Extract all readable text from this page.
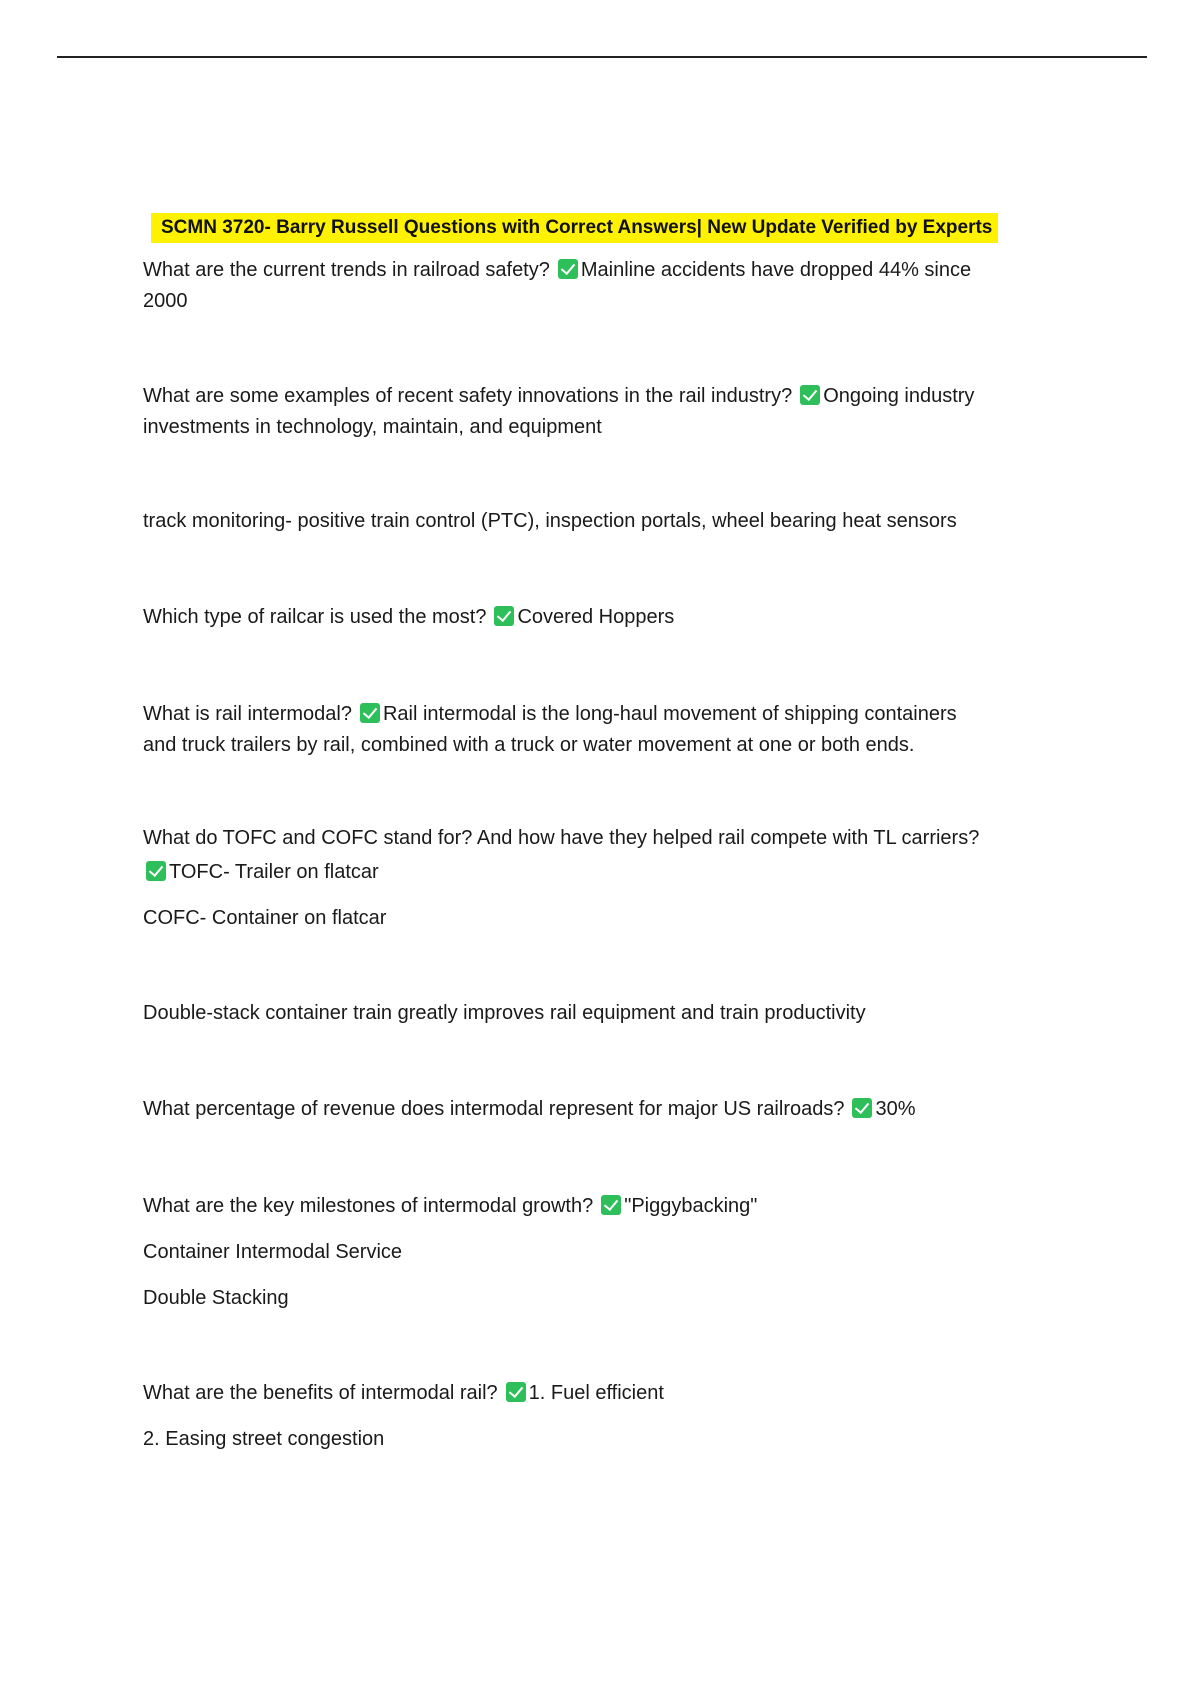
SCMN 3720- Barry Russell Questions with Correct Answers| New Update Verified by Experts

What are the current trends in railroad safety? Mainline accidents have dropped 44% since

2000

What are some examples of recent safety innovations in the rail industry? Ongoing industry

investments in technology, maintain, and equipment

track monitoring- positive train control (PTC), inspection portals, wheel bearing heat sensors

Which type of railcar is used the most? Covered Hoppers

What is rail intermodal? Rail intermodal is the long-haul movement of shipping containers

and truck trailers by rail, combined with a truck or water movement at one or both ends.

What do TOFC and COFC stand for? And how have they helped rail compete with TL carriers?

TOFC- Trailer on flatcar

COFC- Container on flatcar

Double-stack container train greatly improves rail equipment and train productivity

What percentage of revenue does intermodal represent for major US railroads? 30%

What are the key milestones of intermodal growth? "Piggybacking"

Container Intermodal Service

Double Stacking

What are the benefits of intermodal rail? 1. Fuel efficient

2. Easing street congestion
